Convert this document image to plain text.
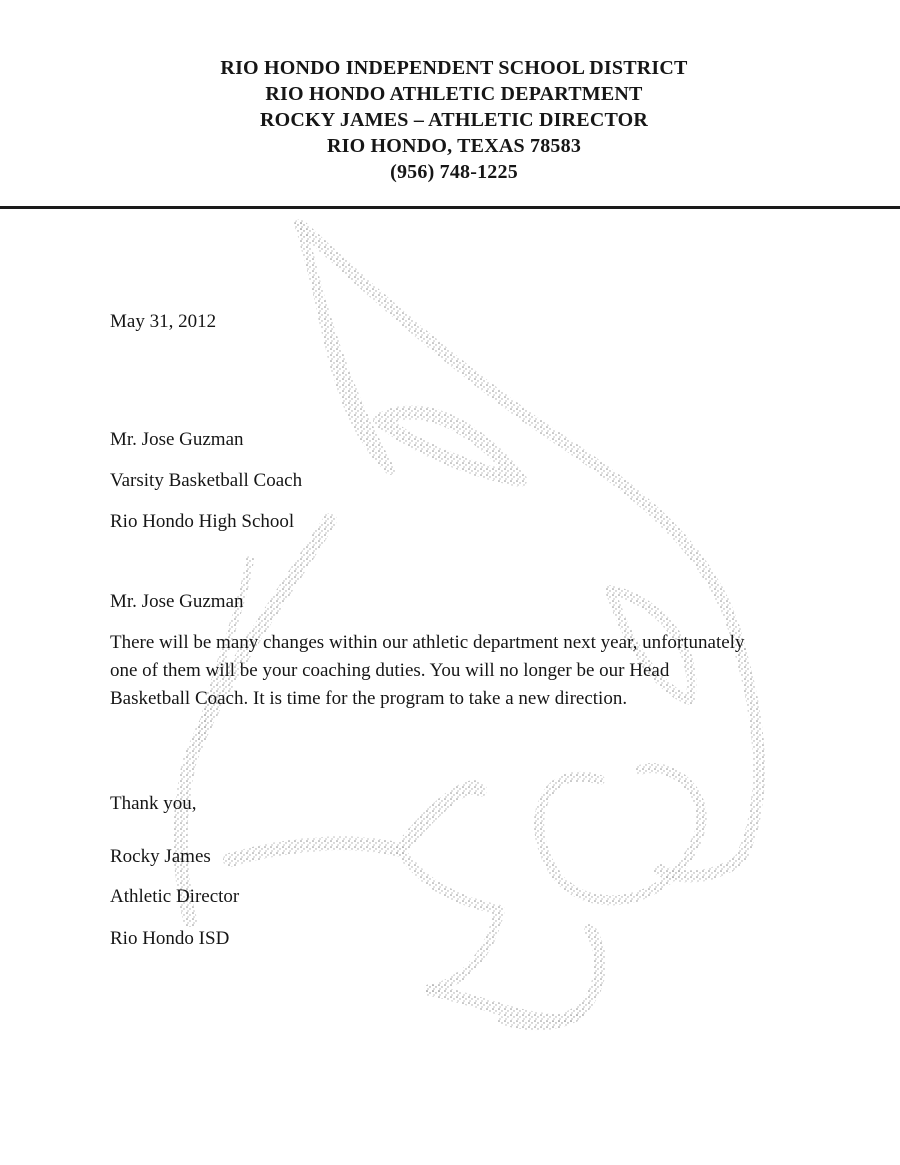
RIO HONDO INDEPENDENT SCHOOL DISTRICT
RIO HONDO ATHLETIC DEPARTMENT
ROCKY JAMES – ATHLETIC DIRECTOR
RIO HONDO, TEXAS 78583
(956) 748-1225
May 31, 2012
Mr. Jose Guzman
Varsity Basketball Coach
Rio Hondo High School
Mr. Jose Guzman
There will be many changes within our athletic department next year, unfortunately
one of them will be your coaching duties. You will no longer be our Head
Basketball Coach. It is time for the program to take a new direction.
Thank you,
Rocky James
Athletic Director
Rio Hondo ISD
